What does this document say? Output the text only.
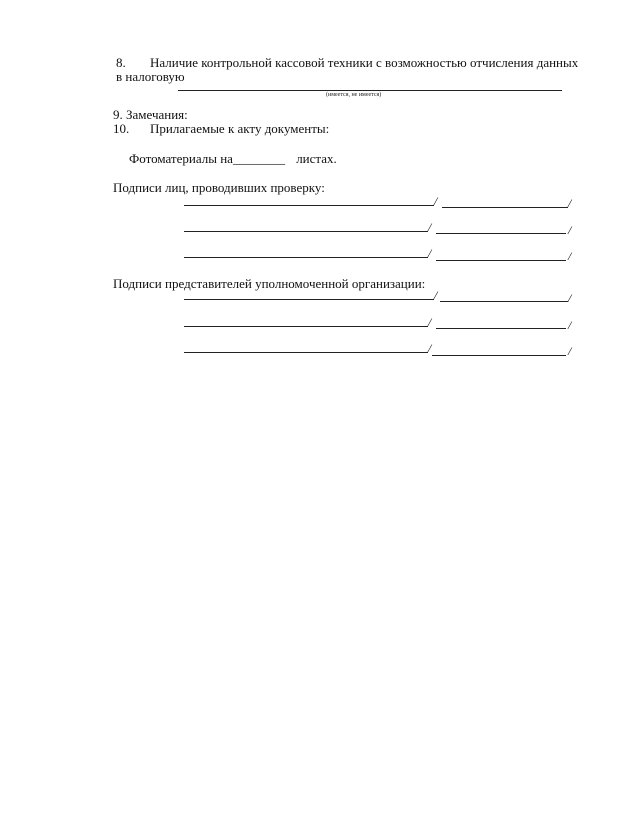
8. Наличие контрольной кассовой техники с возможностью отчисления данных
в налоговую
(имеется, не имеется)
9. Замечания:
10. Прилагаемые к акту документы:
Фотоматериалы на________ листах.
Подписи лиц, проводивших проверку:
/	/
/	/
/	/
Подписи представителей уполномоченной организации:
/	/
/	/
/	/
